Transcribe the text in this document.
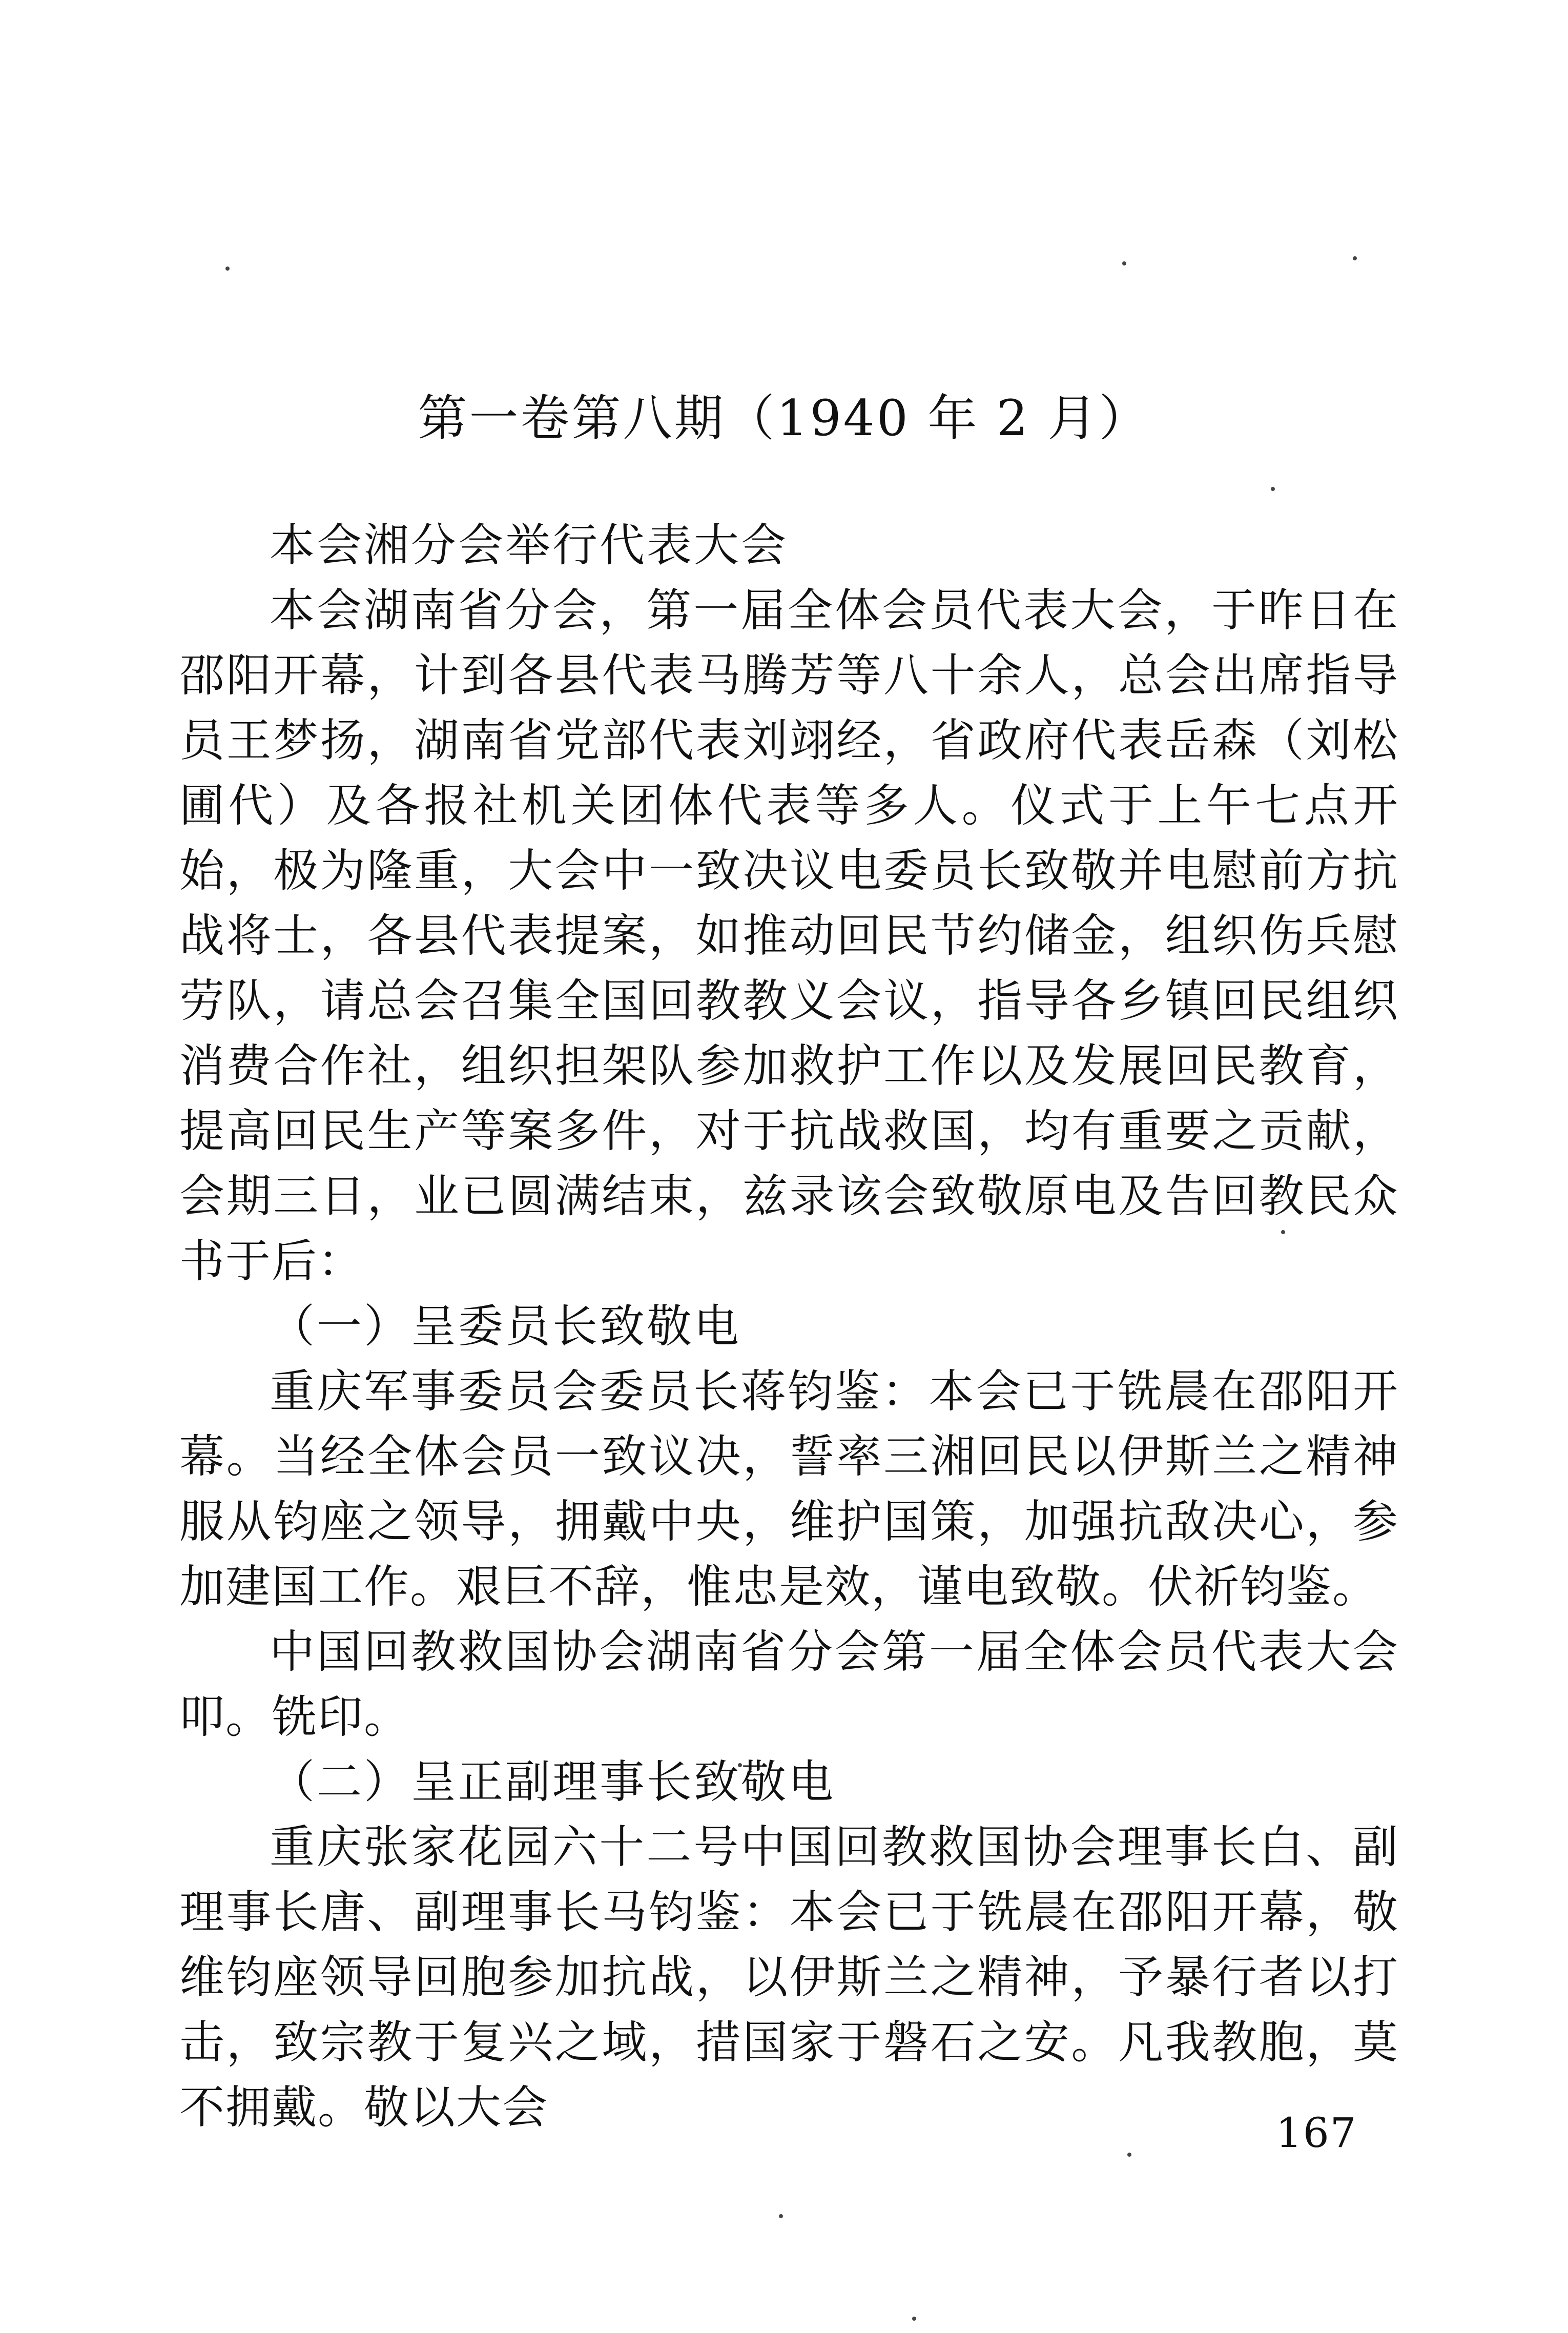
第一卷第八期（1940 年 2 月）

本会湘分会举行代表大会

本会湖南省分会，第一届全体会员代表大会，于昨日在邵阳开幕，计到各县代表马腾芳等八十余人，总会出席指导员王梦扬，湖南省党部代表刘翊经，省政府代表岳森（刘松圃代）及各报社机关团体代表等多人。仪式于上午七点开始，极为隆重，大会中一致决议电委员长致敬并电慰前方抗战将士，各县代表提案，如推动回民节约储金，组织伤兵慰劳队，请总会召集全国回教教义会议，指导各乡镇回民组织消费合作社，组织担架队参加救护工作以及发展回民教育，提高回民生产等案多件，对于抗战救国，均有重要之贡献，会期三日，业已圆满结束，兹录该会致敬原电及告回教民众书于后：

（一）呈委员长致敬电

重庆军事委员会委员长蒋钧鉴：本会已于铣晨在邵阳开幕。当经全体会员一致议决，誓率三湘回民以伊斯兰之精神服从钧座之领导，拥戴中央，维护国策，加强抗敌决心，参加建国工作。艰巨不辞，惟忠是效，谨电致敬。伏祈钧鉴。

中国回教救国协会湖南省分会第一届全体会员代表大会叩。铣印。

（二）呈正副理事长致敬电

重庆张家花园六十二号中国回教救国协会理事长白、副理事长唐、副理事长马钧鉴：本会已于铣晨在邵阳开幕，敬维钧座领导回胞参加抗战，以伊斯兰之精神，予暴行者以打击，致宗教于复兴之域，措国家于磐石之安。凡我教胞，莫不拥戴。敬以大会	167
